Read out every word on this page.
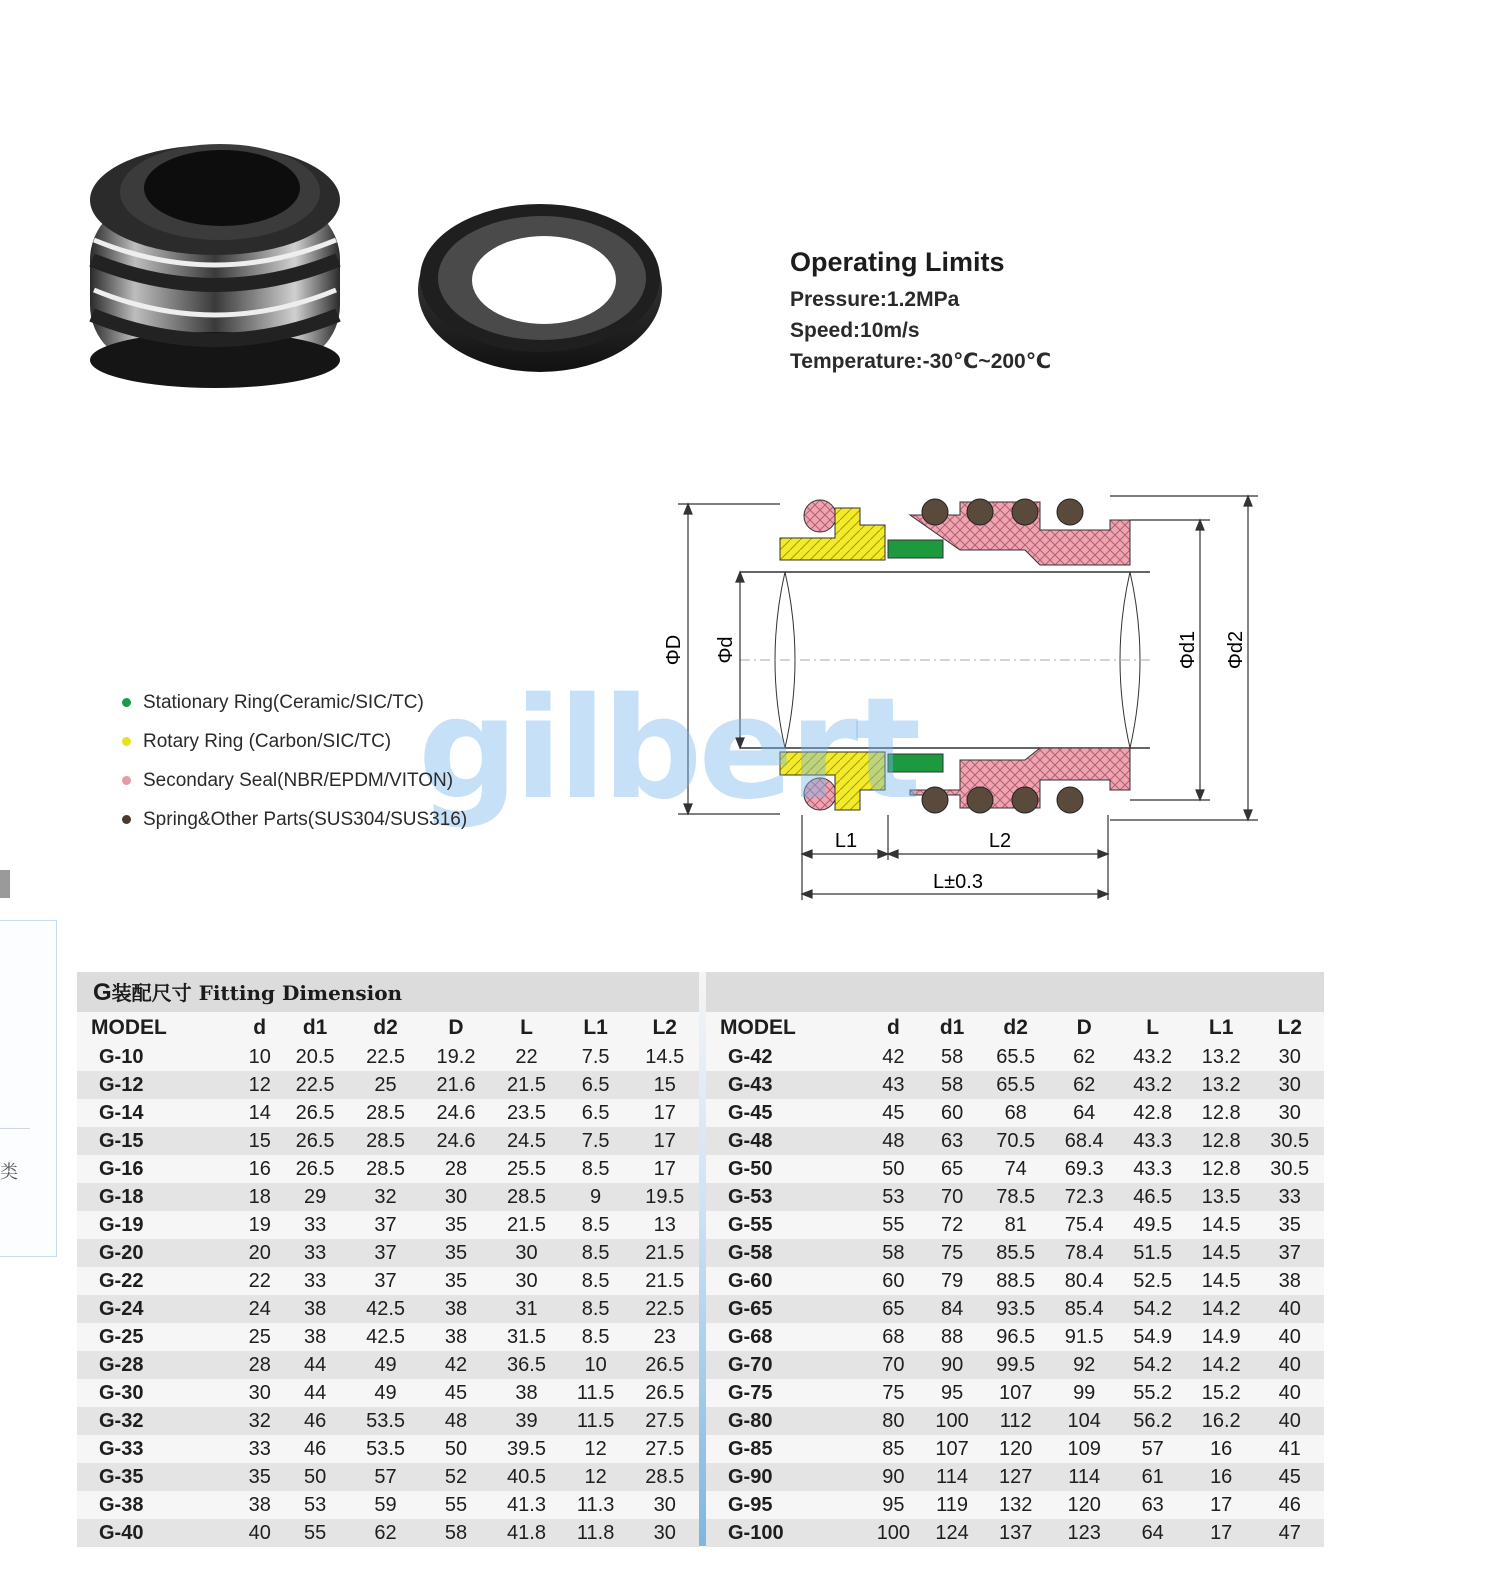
类
Operating Limits
Pressure:1.2MPa
Speed:10m/s
Temperature:-30℃~200℃
ΦD Φd	Φd1 Φd2
L1	L2
L±0.3
gilbert
Stationary Ring(Ceramic/SIC/TC)
Rotary Ring (Carbon/SIC/TC)
Secondary Seal(NBR/EPDM/VITON)
Spring&Other Parts(SUS304/SUS316)
G装配尺寸 Fitting Dimension
MODEL	d	d1	d2	D	L	L1	L2
G-10	10	20.5	22.5	19.2	22	7.5	14.5
G-12	12	22.5	25	21.6	21.5	6.5	15
G-14	14	26.5	28.5	24.6	23.5	6.5	17
G-15	15	26.5	28.5	24.6	24.5	7.5	17
G-16	16	26.5	28.5	28	25.5	8.5	17
G-18	18	29	32	30	28.5	9	19.5
G-19	19	33	37	35	21.5	8.5	13
G-20	20	33	37	35	30	8.5	21.5
G-22	22	33	37	35	30	8.5	21.5
G-24	24	38	42.5	38	31	8.5	22.5
G-25	25	38	42.5	38	31.5	8.5	23
G-28	28	44	49	42	36.5	10	26.5
G-30	30	44	49	45	38	11.5	26.5
G-32	32	46	53.5	48	39	11.5	27.5
G-33	33	46	53.5	50	39.5	12	27.5
G-35	35	50	57	52	40.5	12	28.5
G-38	38	53	59	55	41.3	11.3	30
G-40	40	55	62	58	41.8	11.8	30
MODEL	d	d1	d2	D	L	L1	L2
G-42	42	58	65.5	62	43.2	13.2	30
G-43	43	58	65.5	62	43.2	13.2	30
G-45	45	60	68	64	42.8	12.8	30
G-48	48	63	70.5	68.4	43.3	12.8	30.5
G-50	50	65	74	69.3	43.3	12.8	30.5
G-53	53	70	78.5	72.3	46.5	13.5	33
G-55	55	72	81	75.4	49.5	14.5	35
G-58	58	75	85.5	78.4	51.5	14.5	37
G-60	60	79	88.5	80.4	52.5	14.5	38
G-65	65	84	93.5	85.4	54.2	14.2	40
G-68	68	88	96.5	91.5	54.9	14.9	40
G-70	70	90	99.5	92	54.2	14.2	40
G-75	75	95	107	99	55.2	15.2	40
G-80	80	100	112	104	56.2	16.2	40
G-85	85	107	120	109	57	16	41
G-90	90	114	127	114	61	16	45
G-95	95	119	132	120	63	17	46
G-100	100	124	137	123	64	17	47
